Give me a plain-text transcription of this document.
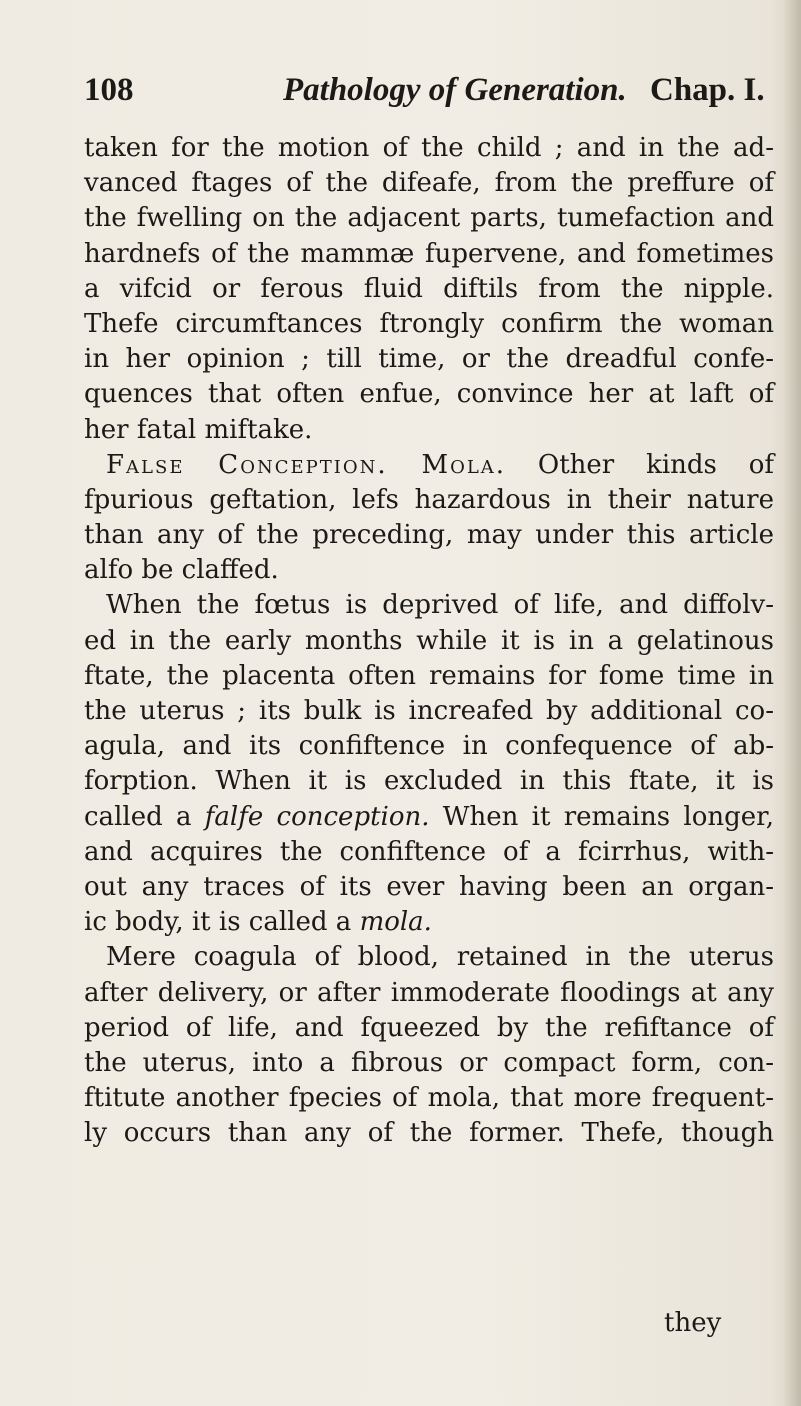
108	Pathology of Generation. Chap. I.
taken for the motion of the child ; and in the ad-
vanced ftages of the difeafe, from the preffure of
the fwelling on the adjacent parts, tumefaction and
hardnefs of the mammæ fupervene, and fometimes
a vifcid or ferous fluid diftils from the nipple.
Thefe circumftances ftrongly confirm the woman
in her opinion ; till time, or the dreadful confe-
quences that often enfue, convince her at laft of
her fatal miftake.
False Conception. Mola. Other kinds of
fpurious geftation, lefs hazardous in their nature
than any of the preceding, may under this article
alfo be claffed.
When the fœtus is deprived of life, and diffolv-
ed in the early months while it is in a gelatinous
ftate, the placenta often remains for fome time in
the uterus ; its bulk is increafed by additional co-
agula, and its confiftence in confequence of ab-
forption. When it is excluded in this ftate, it is
called a falfe conception. When it remains longer,
and acquires the confiftence of a fcirrhus, with-
out any traces of its ever having been an organ-
ic body, it is called a mola.
Mere coagula of blood, retained in the uterus
after delivery, or after immoderate floodings at any
period of life, and fqueezed by the refiftance of
the uterus, into a fibrous or compact form, con-
ftitute another fpecies of mola, that more frequent-
ly occurs than any of the former. Thefe, though
they
